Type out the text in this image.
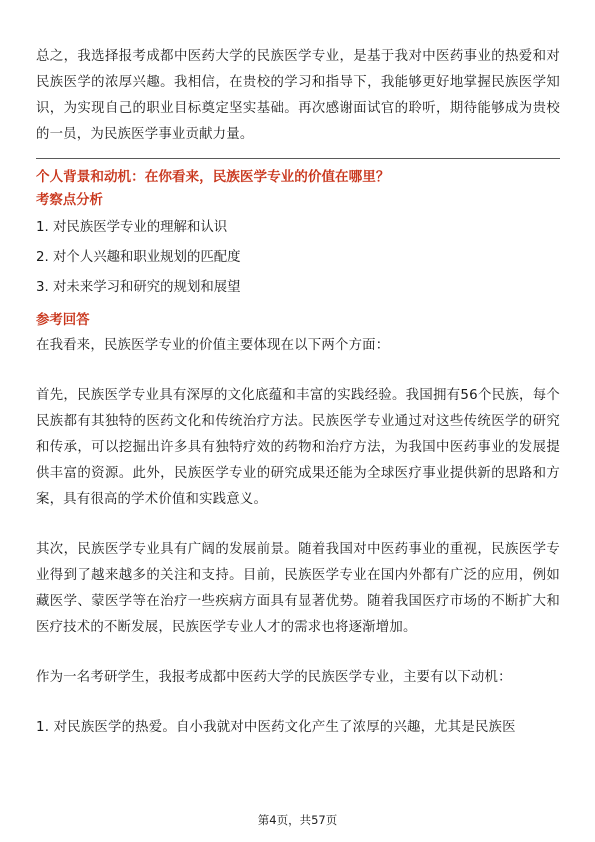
总之，我选择报考成都中医药大学的民族医学专业，是基于我对中医药事业的热爱和对民族医学的浓厚兴趣。我相信，在贵校的学习和指导下，我能够更好地掌握民族医学知识，为实现自己的职业目标奠定坚实基础。再次感谢面试官的聆听，期待能够成为贵校的一员，为民族医学事业贡献力量。

个人背景和动机：在你看来，民族医学专业的价值在哪里？

考察点分析

1. 对民族医学专业的理解和认识

2. 对个人兴趣和职业规划的匹配度

3. 对未来学习和研究的规划和展望

参考回答

在我看来，民族医学专业的价值主要体现在以下两个方面：

首先，民族医学专业具有深厚的文化底蕴和丰富的实践经验。我国拥有56个民族，每个民族都有其独特的医药文化和传统治疗方法。民族医学专业通过对这些传统医学的研究和传承，可以挖掘出许多具有独特疗效的药物和治疗方法，为我国中医药事业的发展提供丰富的资源。此外，民族医学专业的研究成果还能为全球医疗事业提供新的思路和方案，具有很高的学术价值和实践意义。

其次，民族医学专业具有广阔的发展前景。随着我国对中医药事业的重视，民族医学专业得到了越来越多的关注和支持。目前，民族医学专业在国内外都有广泛的应用，例如藏医学、蒙医学等在治疗一些疾病方面具有显著优势。随着我国医疗市场的不断扩大和医疗技术的不断发展，民族医学专业人才的需求也将逐渐增加。

作为一名考研学生，我报考成都中医药大学的民族医学专业，主要有以下动机：

1. 对民族医学的热爱。自小我就对中医药文化产生了浓厚的兴趣，尤其是民族医

第4页，共57页
